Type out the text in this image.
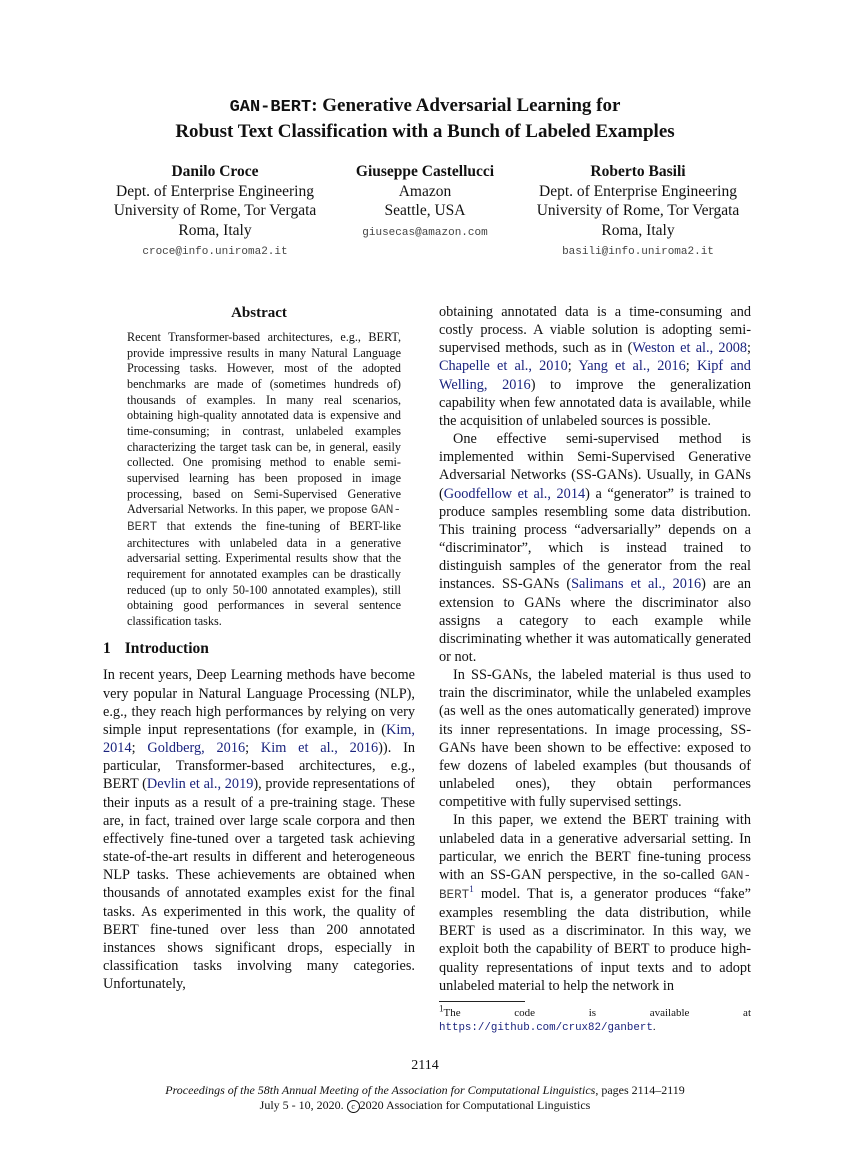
GAN-BERT: Generative Adversarial Learning for
Robust Text Classification with a Bunch of Labeled Examples
Danilo Croce
Dept. of Enterprise Engineering
University of Rome, Tor Vergata
Roma, Italy
croce@info.uniroma2.it
Giuseppe Castellucci
Amazon
Seattle, USA
giusecas@amazon.com
Roberto Basili
Dept. of Enterprise Engineering
University of Rome, Tor Vergata
Roma, Italy
basili@info.uniroma2.it
Abstract
Recent Transformer-based architectures, e.g., BERT, provide impressive results in many Natural Language Processing tasks. However, most of the adopted benchmarks are made of (sometimes hundreds of) thousands of examples. In many real scenarios, obtaining high-quality annotated data is expensive and time-consuming; in contrast, unlabeled examples characterizing the target task can be, in general, easily collected. One promising method to enable semi-supervised learning has been proposed in image processing, based on Semi-Supervised Generative Adversarial Networks. In this paper, we propose GAN-BERT that extends the fine-tuning of BERT-like architectures with unlabeled data in a generative adversarial setting. Experimental results show that the requirement for annotated examples can be drastically reduced (up to only 50-100 annotated examples), still obtaining good performances in several sentence classification tasks.
1 Introduction

In recent years, Deep Learning methods have become very popular in Natural Language Processing (NLP), e.g., they reach high performances by relying on very simple input representations (for example, in (Kim, 2014; Goldberg, 2016; Kim et al., 2016)). In particular, Transformer-based architectures, e.g., BERT (Devlin et al., 2019), provide representations of their inputs as a result of a pre-training stage. These are, in fact, trained over large scale corpora and then effectively fine-tuned over a targeted task achieving state-of-the-art results in different and heterogeneous NLP tasks. These achievements are obtained when thousands of annotated examples exist for the final tasks. As experimented in this work, the quality of BERT fine-tuned over less than 200 annotated instances shows significant drops, especially in classification tasks involving many categories. Unfortunately,

obtaining annotated data is a time-consuming and costly process. A viable solution is adopting semi-supervised methods, such as in (Weston et al., 2008; Chapelle et al., 2010; Yang et al., 2016; Kipf and Welling, 2016) to improve the generalization capability when few annotated data is available, while the acquisition of unlabeled sources is possible.

One effective semi-supervised method is implemented within Semi-Supervised Generative Adversarial Networks (SS-GANs). Usually, in GANs (Goodfellow et al., 2014) a “generator” is trained to produce samples resembling some data distribution. This training process “adversarially” depends on a “discriminator”, which is instead trained to distinguish samples of the generator from the real instances. SS-GANs (Salimans et al., 2016) are an extension to GANs where the discriminator also assigns a category to each example while discriminating whether it was automatically generated or not.

In SS-GANs, the labeled material is thus used to train the discriminator, while the unlabeled examples (as well as the ones automatically generated) improve its inner representations. In image processing, SS-GANs have been shown to be effective: exposed to few dozens of labeled examples (but thousands of unlabeled ones), they obtain performances competitive with fully supervised settings.

In this paper, we extend the BERT training with unlabeled data in a generative adversarial setting. In particular, we enrich the BERT fine-tuning process with an SS-GAN perspective, in the so-called GAN-BERT$^1$ model. That is, a generator produces “fake” examples resembling the data distribution, while BERT is used as a discriminator. In this way, we exploit both the capability of BERT to produce high-quality representations of input texts and to adopt unlabeled material to help the network in

$^1$The code is available at https://github.com/crux82/ganbert.
2114
Proceedings of the 58th Annual Meeting of the Association for Computational Linguistics, pages 2114–2119
July 5 - 10, 2020. c 2020 Association for Computational Linguistics
